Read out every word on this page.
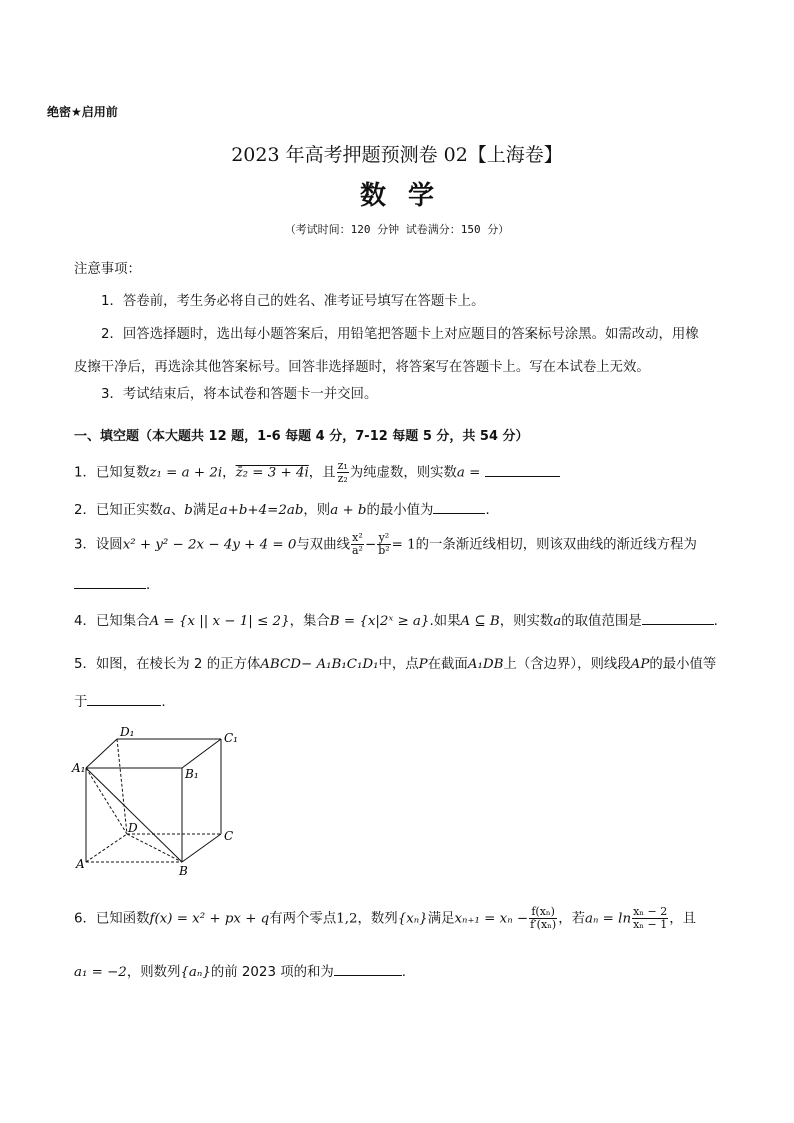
绝密★启用前
2023 年高考押题预测卷 02【上海卷】
数学
（考试时间：120 分钟 试卷满分：150 分）
注意事项：
1．答卷前，考生务必将自己的姓名、准考证号填写在答题卡上。
2．回答选择题时，选出每小题答案后，用铅笔把答题卡上对应题目的答案标号涂黑。如需改动，用橡
皮擦干净后，再选涂其他答案标号。回答非选择题时，将答案写在答题卡上。写在本试卷上无效。
3．考试结束后，将本试卷和答题卡一并交回。
一、填空题（本大题共 12 题，1-6 每题 4 分，7-12 每题 5 分，共 54 分）
1．已知复数z₁ = a + 2i，z̄₂ = 3 + 4i，且 $\frac{\text{z₁}}{\text{z₂}}$ 为纯虚数，则实数a =
2．已知正实数a、b满足a+b+4=2ab，则a + b的最小值为	．
3．设圆x² + y² − 2x − 4y + 4 = 0与双曲线 $\frac{\text{x²}}{\text{a²}} - \frac{\text{y²}}{\text{b²}} = 1$的一条渐近线相切，则该双曲线的渐近线方程为
．
4．已知集合A = {x || x − 1| ≤ 2}，集合B = {x|2ˣ ≥ a}.如果A ⊆ B，则实数a的取值范围是	.
5．如图，在棱长为 2 的正方体ABCD− A₁B₁C₁D₁中，点P在截面A₁DB上（含边界），则线段AP的最小值等
于	.
D₁	C₁
A₁	B₁
D
C
A	B
6．已知函数f(x) = x² + px + q有两个零点1,2，数列{xₙ}满足$x_{n+1} = x_n - \frac{\text{f(xₙ)}}{\text{f′(xₙ)}}$ ，若$a_n = \ln \frac{\text{xₙ − 2}}{\text{xₙ − 1}}$ ，且
a₁ = −2，则数列{aₙ}的前 2023 项的和为	.
